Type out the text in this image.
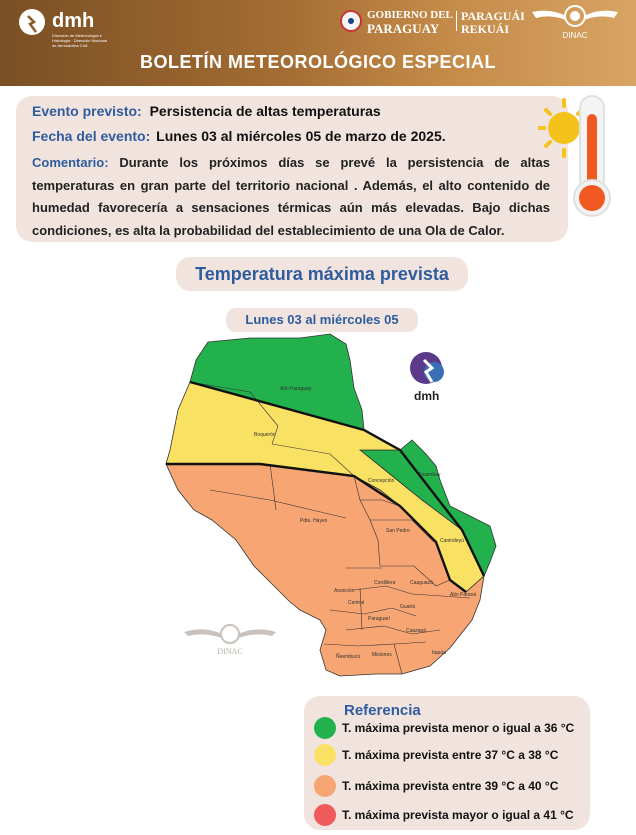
dmh
Dirección de Meteorología e Hidrología · Dirección Nacional de Aeronáutica Civil
GOBIERNO DEL
PARAGUAY
PARAGUÁI
REKUÁI	DINAC
BOLETÍN METEOROLÓGICO ESPECIAL
Evento previsto: Persistencia de altas temperaturas
Fecha del evento: Lunes 03 al miércoles 05 de marzo de 2025.
Comentario: Durante los próximos días se prevé la persistencia de altas temperaturas en gran parte del territorio nacional . Además, el alto contenido de humedad favorecería a sensaciones térmicas aún más elevadas. Bajo dichas condiciones, es alta la probabilidad del establecimiento de una Ola de Calor.
Temperatura máxima prevista
Lunes 03 al miércoles 05
Alto Paraguay
Boquerón
Pdte. Hayes
Concepción
Amambay
San Pedro
Canindeyú
Cordillera	Caaguazú
Alto Paraná
Asunción
Central
Guairá
Paraguarí
Caazapá
Ñeembucú Misiones	Itapúa
dmh
DINAC
Referencia
T. máxima prevista menor o igual a 36 °C
T. máxima prevista entre 37 °C a 38 °C
T. máxima prevista entre 39 °C a 40 °C
T. máxima prevista mayor o igual a 41 °C
